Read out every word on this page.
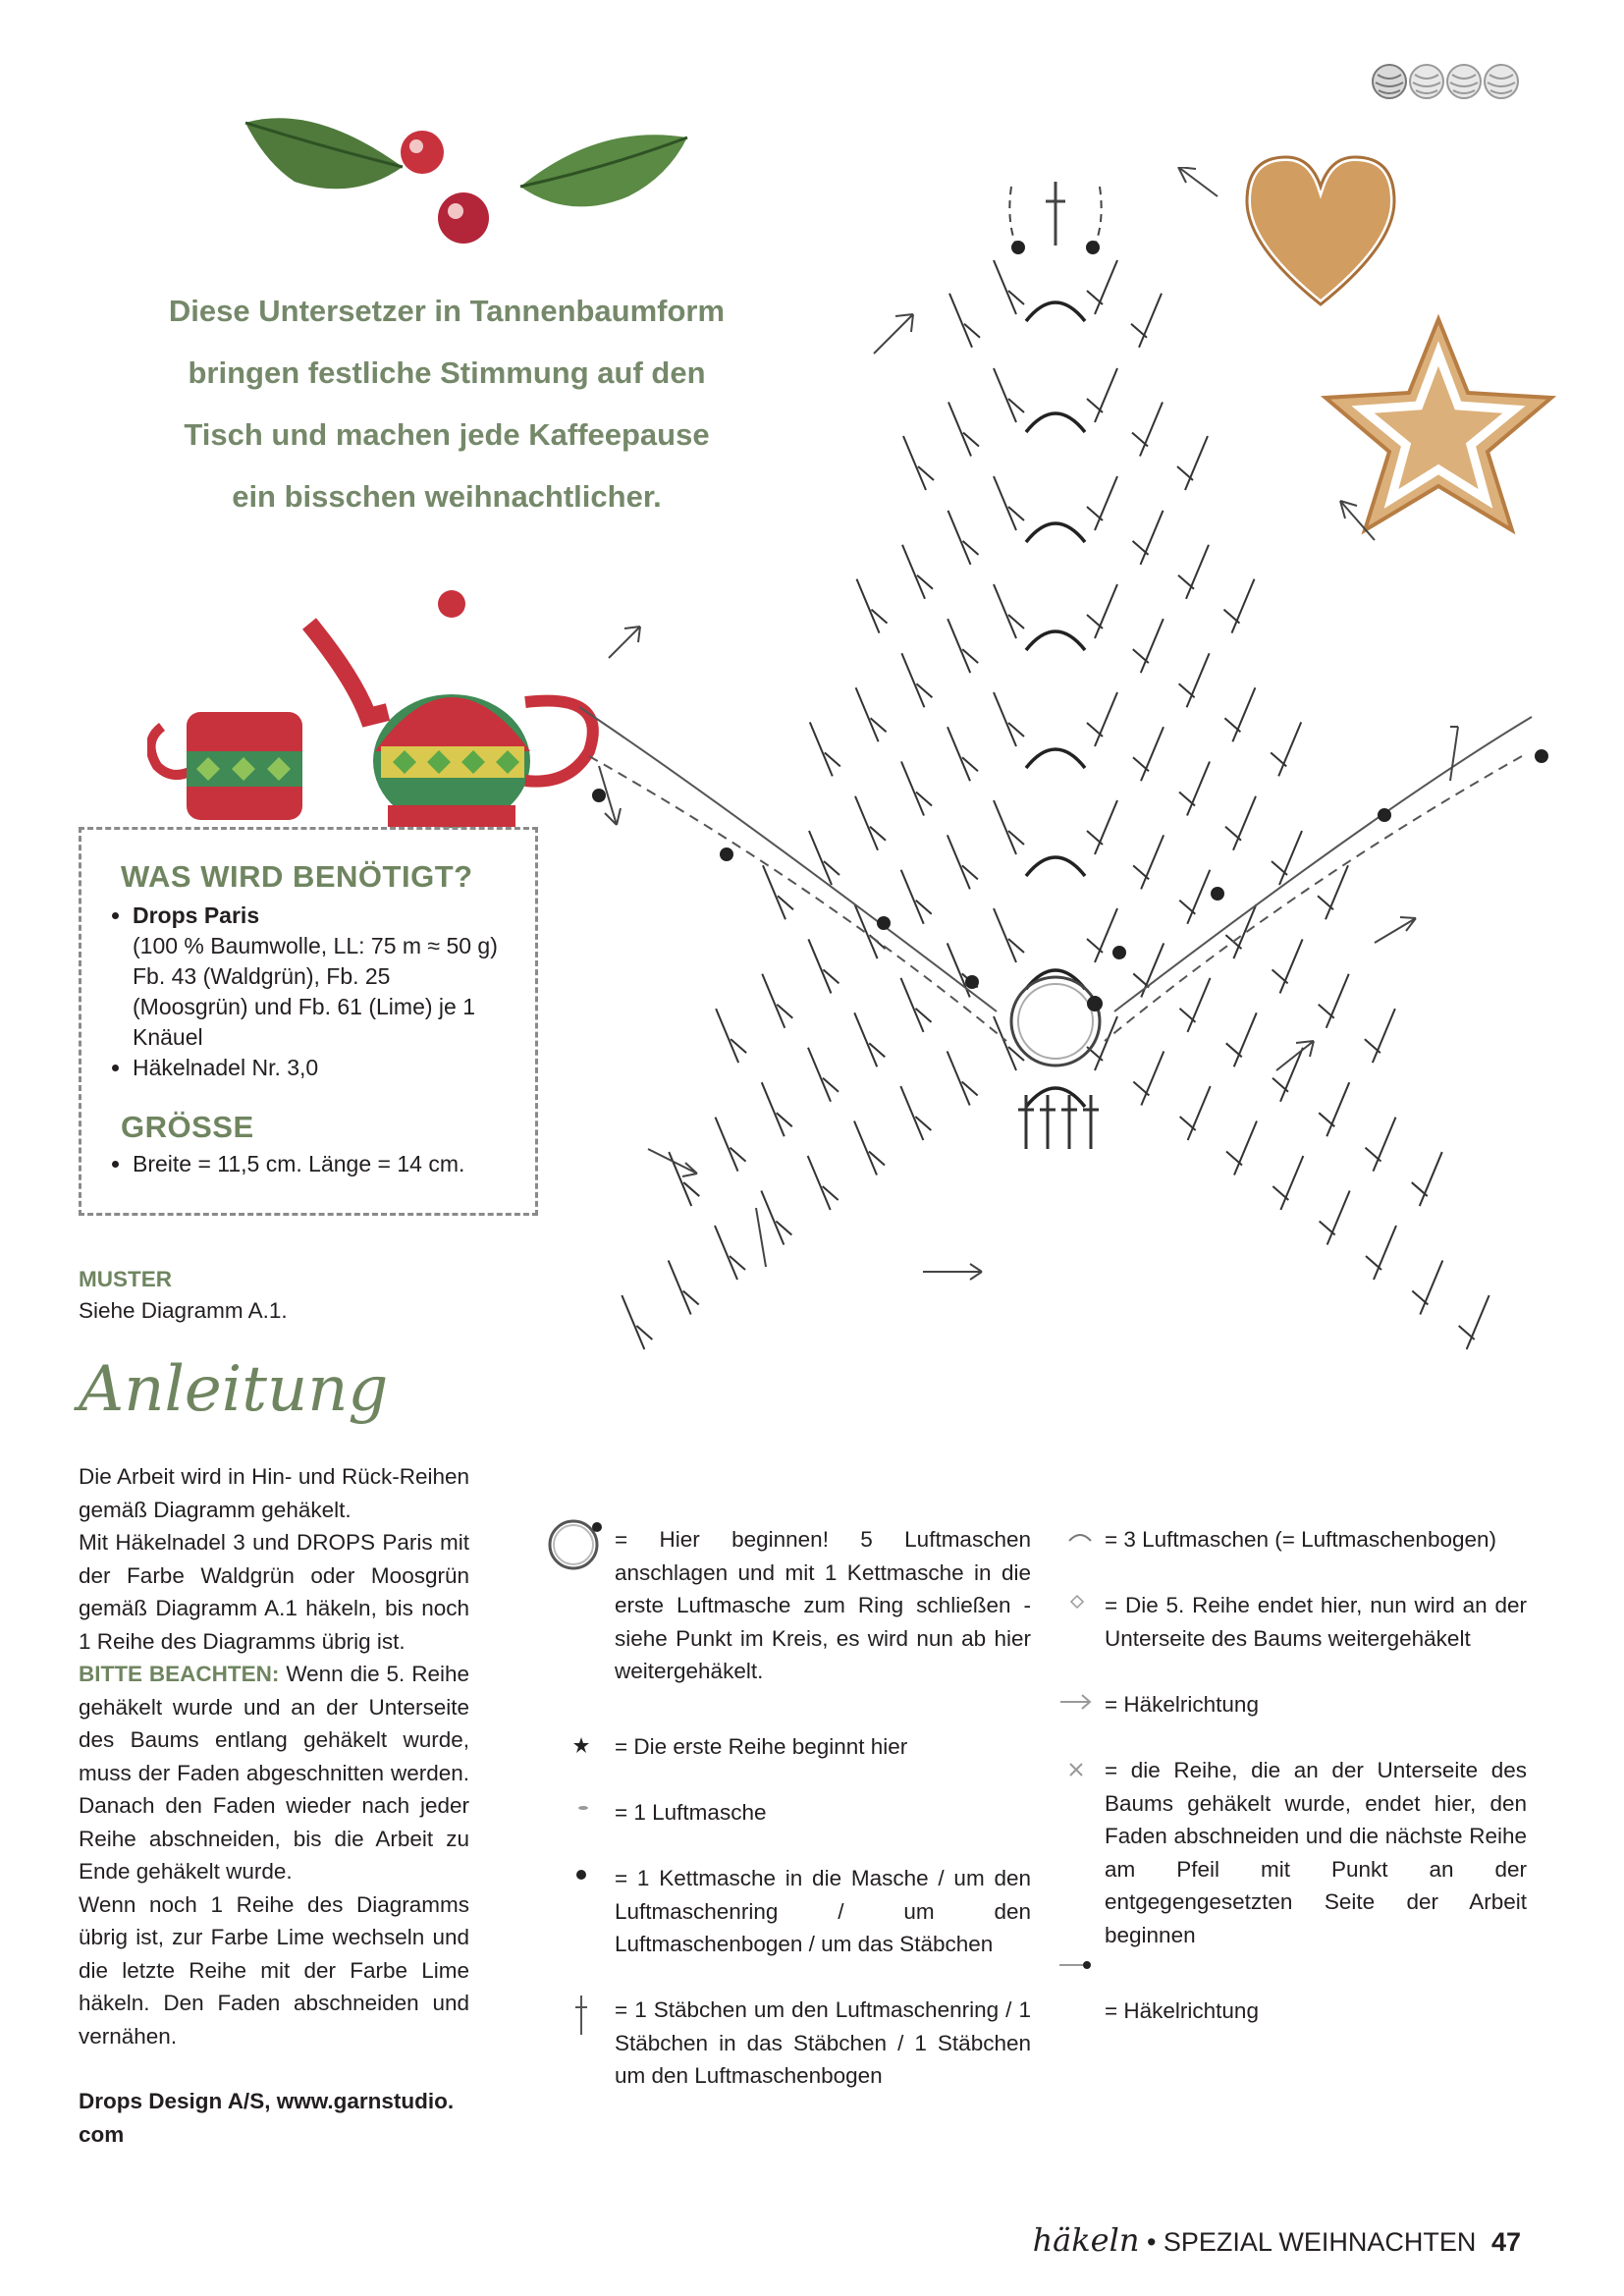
Diese Untersetzer in Tannenbaumform
bringen festliche Stimmung auf den
Tisch und machen jede Kaffeepause
ein bisschen weihnachtlicher.
WAS WIRD BENÖTIGT?
• Drops Paris
(100 % Baumwolle, LL: 75 m ≈ 50 g) Fb. 43 (Waldgrün), Fb. 25 (Moosgrün) und Fb. 61 (Lime) je 1 Knäuel
• Häkelnadel Nr. 3,0
GRÖSSE
• Breite = 11,5 cm. Länge = 14 cm.
MUSTER
Siehe Diagramm A.1.
Anleitung
Die Arbeit wird in Hin- und Rück-Reihen gemäß Diagramm gehäkelt.
Mit Häkelnadel 3 und DROPS Paris mit der Farbe Waldgrün oder Moosgrün gemäß Diagramm A.1 häkeln, bis noch 1 Reihe des Diagramms übrig ist.
BITTE BEACHTEN: Wenn die 5. Reihe gehäkelt wurde und an der Unterseite des Baums entlang gehäkelt wurde, muss der Faden abgeschnitten werden. Danach den Faden wieder nach jeder Reihe abschneiden, bis die Arbeit zu Ende gehäkelt wurde.
Wenn noch 1 Reihe des Diagramms übrig ist, zur Farbe Lime wechseln und die letzte Reihe mit der Farbe Lime häkeln. Den Faden abschneiden und vernähen.
Drops Design A/S, www.garnstudio. com
= Hier beginnen! 5 Luftmaschen anschlagen und mit 1 Kettmasche in die erste Luftmasche zum Ring schließen - siehe Punkt im Kreis, es wird nun ab hier weitergehäkelt.
= Die erste Reihe beginnt hier
= 1 Luftmasche
= 1 Kettmasche in die Masche / um den Luftmaschenring / um den Luftmaschenbogen / um das Stäbchen
= 1 Stäbchen um den Luftmaschenring / 1 Stäbchen in das Stäbchen / 1 Stäbchen um den Luftmaschenbogen
= 3 Luftmaschen (= Luftmaschenbogen)
= Die 5. Reihe endet hier, nun wird an der Unterseite des Baums weitergehäkelt
= Häkelrichtung
= die Reihe, die an der Unterseite des Baums gehäkelt wurde, endet hier, den Faden abschneiden und die nächste Reihe am Pfeil mit Punkt an der entgegengesetzten Seite der Arbeit beginnen
= Häkelrichtung
häkeln • SPEZIAL WEIHNACHTEN 47
